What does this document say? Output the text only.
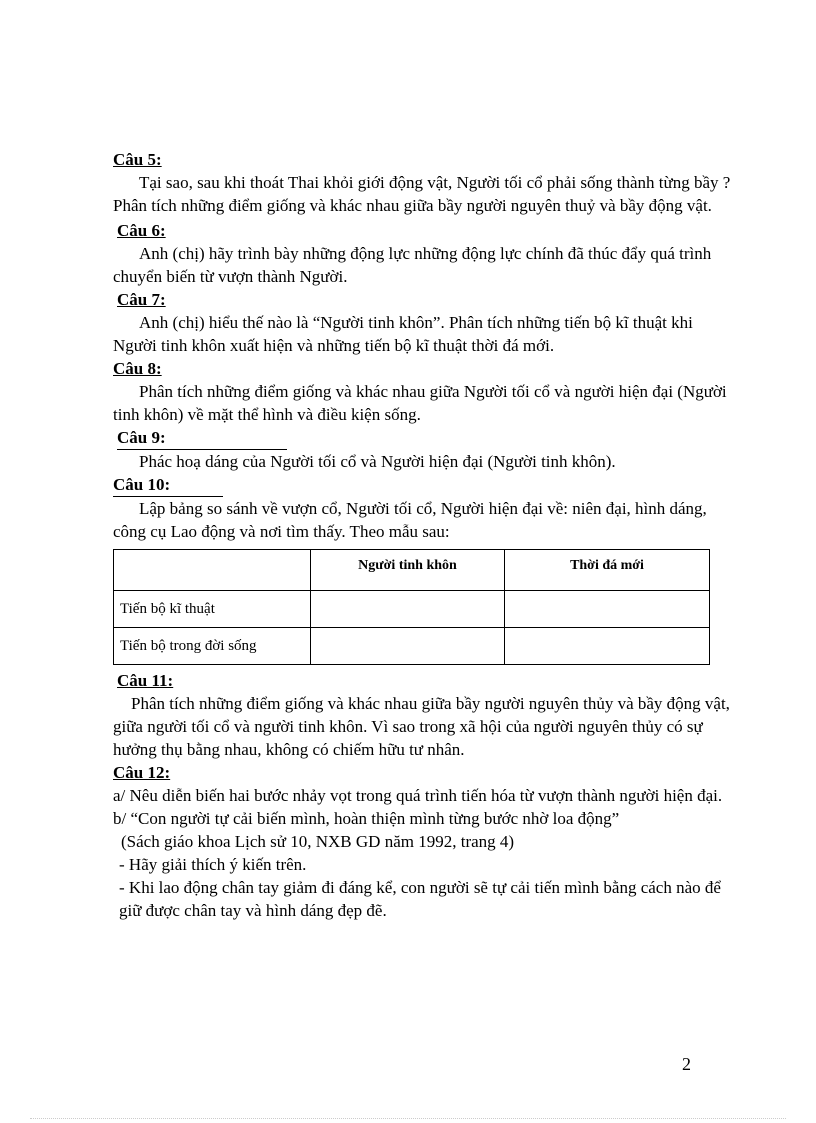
Câu 5:

Tại sao, sau khi thoát Thai khỏi giới động vật, Người tối cổ phải sống thành từng bầy ? Phân tích những điểm giống và khác nhau giữa bầy người nguyên thuỷ và bầy động vật.

Câu 6:

Anh (chị) hãy trình bày những động lực những động lực chính đã thúc đẩy quá trình chuyển biến từ vượn thành Người.

Câu 7:

Anh (chị) hiểu thế nào là “Người tinh khôn”. Phân tích những tiến bộ kĩ thuật khi Người tinh khôn xuất hiện và những tiến bộ kĩ thuật thời đá mới.

Câu 8:

Phân tích những điểm giống và khác nhau giữa Người tối cổ và người hiện đại (Người tinh khôn) về mặt thể hình và điều kiện sống.

Câu 9:

Phác hoạ dáng của Người tối cổ và Người hiện đại (Người tinh khôn).

Câu 10:

Lập bảng so sánh về vượn cổ, Người tối cổ, Người hiện đại về: niên đại, hình dáng, công cụ Lao động và nơi tìm thấy. Theo mẫu sau:

	Người tinh khôn	Thời đá mới
Tiến bộ kĩ thuật		
Tiến bộ trong đời sống		
Câu 11:

Phân tích những điểm giống và khác nhau giữa bầy người nguyên thủy và bầy động vật, giữa người tối cổ và người tinh khôn. Vì sao trong xã hội của người nguyên thủy có sự hưởng thụ bằng nhau, không có chiếm hữu tư nhân.

Câu 12:

a/ Nêu diễn biến hai bước nhảy vọt trong quá trình tiến hóa từ vượn thành người hiện đại.

b/ “Con người tự cải biến mình, hoàn thiện mình từng bước nhờ loa động”

(Sách giáo khoa Lịch sử 10, NXB GD năm 1992, trang 4)

- Hãy giải thích ý kiến trên.

- Khi lao động chân tay giảm đi đáng kể, con người sẽ tự cải tiến mình bằng cách nào để giữ được chân tay và hình dáng đẹp đẽ.

2
